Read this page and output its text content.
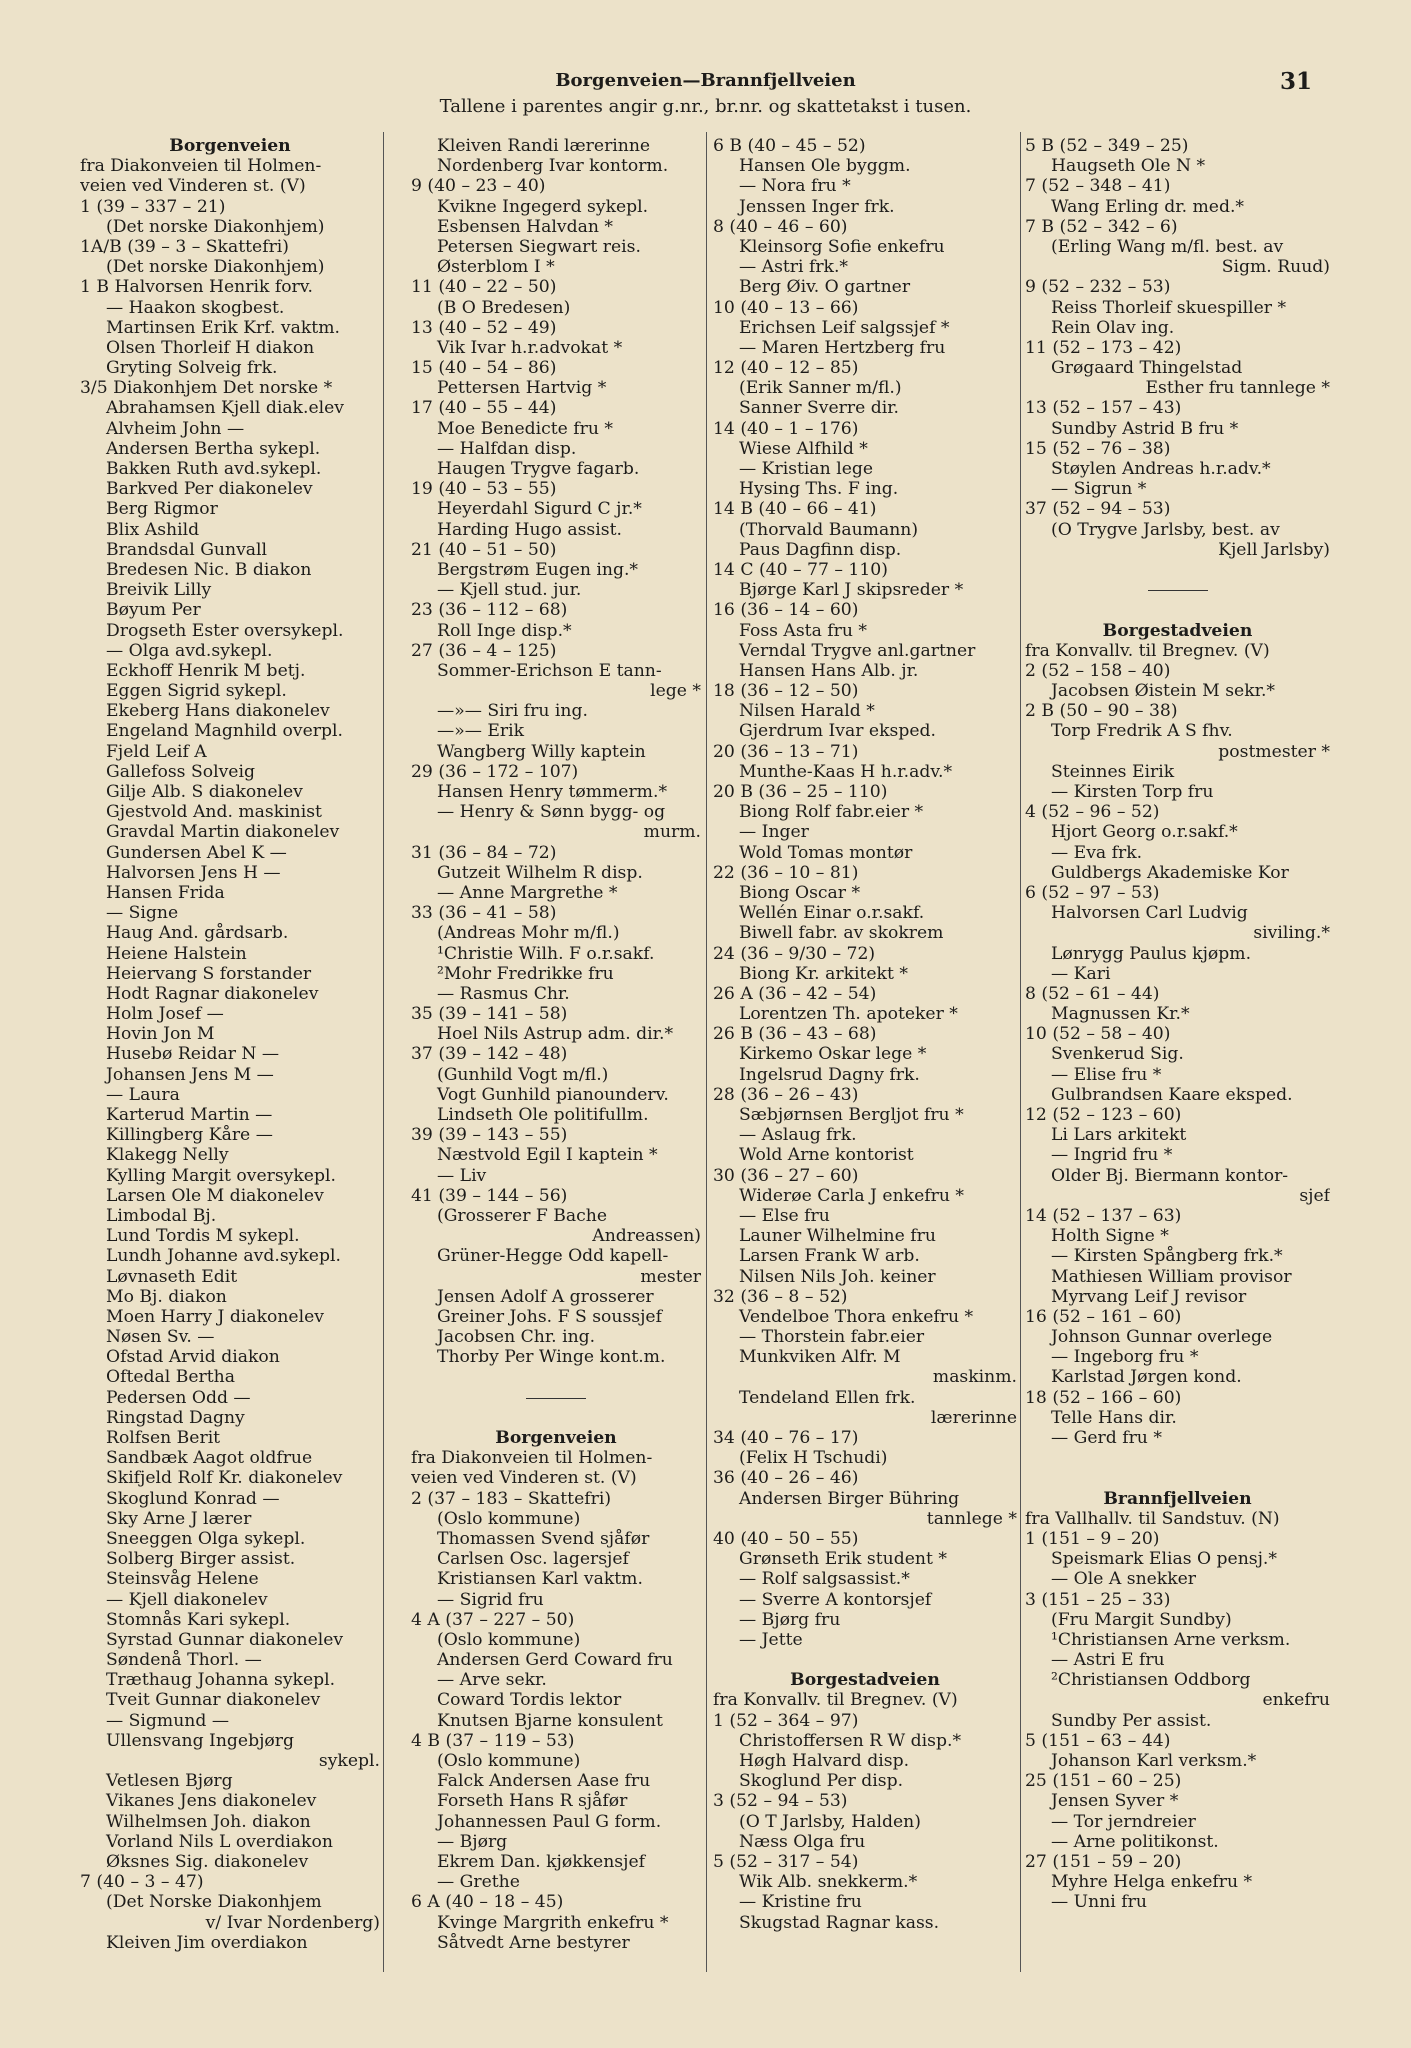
Borgenveien—Brannfjellveien
Tallene i parentes angir g.nr., br.nr. og skattetakst i tusen.
31
Borgenveien
fra Diakonveien til Holmen-
veien ved Vinderen st. (V)
1 (39 – 337 – 21)
(Det norske Diakonhjem)
1A/B (39 – 3 – Skattefri)
(Det norske Diakonhjem)
1 B Halvorsen Henrik forv.
— Haakon skogbest.
Martinsen Erik Krf. vaktm.
Olsen Thorleif H diakon
Gryting Solveig frk.
3/5 Diakonhjem Det norske *
Abrahamsen Kjell diak.elev
Alvheim John —
Andersen Bertha sykepl.
Bakken Ruth avd.sykepl.
Barkved Per diakonelev
Berg Rigmor
Blix Ashild
Brandsdal Gunvall
Bredesen Nic. B diakon
Breivik Lilly
Bøyum Per
Drogseth Ester oversykepl.
— Olga avd.sykepl.
Eckhoff Henrik M betj.
Eggen Sigrid sykepl.
Ekeberg Hans diakonelev
Engeland Magnhild overpl.
Fjeld Leif A
Gallefoss Solveig
Gilje Alb. S diakonelev
Gjestvold And. maskinist
Gravdal Martin diakonelev
Gundersen Abel K —
Halvorsen Jens H —
Hansen Frida
— Signe
Haug And. gårdsarb.
Heiene Halstein
Heiervang S forstander
Hodt Ragnar diakonelev
Holm Josef —
Hovin Jon M
Husebø Reidar N —
Johansen Jens M —
— Laura
Karterud Martin —
Killingberg Kåre —
Klakegg Nelly
Kylling Margit oversykepl.
Larsen Ole M diakonelev
Limbodal Bj.
Lund Tordis M sykepl.
Lundh Johanne avd.sykepl.
Løvnaseth Edit
Mo Bj. diakon
Moen Harry J diakonelev
Nøsen Sv. —
Ofstad Arvid diakon
Oftedal Bertha
Pedersen Odd —
Ringstad Dagny
Rolfsen Berit
Sandbæk Aagot oldfrue
Skifjeld Rolf Kr. diakonelev
Skoglund Konrad —
Sky Arne J lærer
Sneeggen Olga sykepl.
Solberg Birger assist.
Steinsvåg Helene
— Kjell diakonelev
Stomnås Kari sykepl.
Syrstad Gunnar diakonelev
Søndenå Thorl. —
Træthaug Johanna sykepl.
Tveit Gunnar diakonelev
— Sigmund —
Ullensvang Ingebjørg
sykepl.
Vetlesen Bjørg
Vikanes Jens diakonelev
Wilhelmsen Joh. diakon
Vorland Nils L overdiakon
Øksnes Sig. diakonelev
7 (40 – 3 – 47)
(Det Norske Diakonhjem
v/ Ivar Nordenberg)
Kleiven Jim overdiakon
Kleiven Randi lærerinne
Nordenberg Ivar kontorm.
9 (40 – 23 – 40)
Kvikne Ingegerd sykepl.
Esbensen Halvdan *
Petersen Siegwart reis.
Østerblom I *
11 (40 – 22 – 50)
(B O Bredesen)
13 (40 – 52 – 49)
Vik Ivar h.r.advokat *
15 (40 – 54 – 86)
Pettersen Hartvig *
17 (40 – 55 – 44)
Moe Benedicte fru *
— Halfdan disp.
Haugen Trygve fagarb.
19 (40 – 53 – 55)
Heyerdahl Sigurd C jr.*
Harding Hugo assist.
21 (40 – 51 – 50)
Bergstrøm Eugen ing.*
— Kjell stud. jur.
23 (36 – 112 – 68)
Roll Inge disp.*
27 (36 – 4 – 125)
Sommer-Erichson E tann-
lege *
—»— Siri fru ing.
—»— Erik
Wangberg Willy kaptein
29 (36 – 172 – 107)
Hansen Henry tømmerm.*
— Henry & Sønn bygg- og
murm.
31 (36 – 84 – 72)
Gutzeit Wilhelm R disp.
— Anne Margrethe *
33 (36 – 41 – 58)
(Andreas Mohr m/fl.)
¹Christie Wilh. F o.r.sakf.
²Mohr Fredrikke fru
— Rasmus Chr.
35 (39 – 141 – 58)
Hoel Nils Astrup adm. dir.*
37 (39 – 142 – 48)
(Gunhild Vogt m/fl.)
Vogt Gunhild pianounderv.
Lindseth Ole politifullm.
39 (39 – 143 – 55)
Næstvold Egil I kaptein *
— Liv
41 (39 – 144 – 56)
(Grosserer F Bache
Andreassen)
Grüner-Hegge Odd kapell-
mester
Jensen Adolf A grosserer
Greiner Johs. F S soussjef
Jacobsen Chr. ing.
Thorby Per Winge kont.m.
Borgenveien
fra Diakonveien til Holmen-
veien ved Vinderen st. (V)
2 (37 – 183 – Skattefri)
(Oslo kommune)
Thomassen Svend sjåfør
Carlsen Osc. lagersjef
Kristiansen Karl vaktm.
— Sigrid fru
4 A (37 – 227 – 50)
(Oslo kommune)
Andersen Gerd Coward fru
— Arve sekr.
Coward Tordis lektor
Knutsen Bjarne konsulent
4 B (37 – 119 – 53)
(Oslo kommune)
Falck Andersen Aase fru
Forseth Hans R sjåfør
Johannessen Paul G form.
— Bjørg
Ekrem Dan. kjøkkensjef
— Grethe
6 A (40 – 18 – 45)
Kvinge Margrith enkefru *
Såtvedt Arne bestyrer
6 B (40 – 45 – 52)
Hansen Ole byggm.
— Nora fru *
Jenssen Inger frk.
8 (40 – 46 – 60)
Kleinsorg Sofie enkefru
— Astri frk.*
Berg Øiv. O gartner
10 (40 – 13 – 66)
Erichsen Leif salgssjef *
— Maren Hertzberg fru
12 (40 – 12 – 85)
(Erik Sanner m/fl.)
Sanner Sverre dir.
14 (40 – 1 – 176)
Wiese Alfhild *
— Kristian lege
Hysing Ths. F ing.
14 B (40 – 66 – 41)
(Thorvald Baumann)
Paus Dagfinn disp.
14 C (40 – 77 – 110)
Bjørge Karl J skipsreder *
16 (36 – 14 – 60)
Foss Asta fru *
Verndal Trygve anl.gartner
Hansen Hans Alb. jr.
18 (36 – 12 – 50)
Nilsen Harald *
Gjerdrum Ivar eksped.
20 (36 – 13 – 71)
Munthe-Kaas H h.r.adv.*
20 B (36 – 25 – 110)
Biong Rolf fabr.eier *
— Inger
Wold Tomas montør
22 (36 – 10 – 81)
Biong Oscar *
Wellén Einar o.r.sakf.
Biwell fabr. av skokrem
24 (36 – 9/30 – 72)
Biong Kr. arkitekt *
26 A (36 – 42 – 54)
Lorentzen Th. apoteker *
26 B (36 – 43 – 68)
Kirkemo Oskar lege *
Ingelsrud Dagny frk.
28 (36 – 26 – 43)
Sæbjørnsen Bergljot fru *
— Aslaug frk.
Wold Arne kontorist
30 (36 – 27 – 60)
Widerøe Carla J enkefru *
— Else fru
Launer Wilhelmine fru
Larsen Frank W arb.
Nilsen Nils Joh. keiner
32 (36 – 8 – 52)
Vendelboe Thora enkefru *
— Thorstein fabr.eier
Munkviken Alfr. M
maskinm.
Tendeland Ellen frk.
lærerinne
34 (40 – 76 – 17)
(Felix H Tschudi)
36 (40 – 26 – 46)
Andersen Birger Bühring
tannlege *
40 (40 – 50 – 55)
Grønseth Erik student *
— Rolf salgsassist.*
— Sverre A kontorsjef
— Bjørg fru
— Jette
Borgestadveien
fra Konvallv. til Bregnev. (V)
1 (52 – 364 – 97)
Christoffersen R W disp.*
Høgh Halvard disp.
Skoglund Per disp.
3 (52 – 94 – 53)
(O T Jarlsby, Halden)
Næss Olga fru
5 (52 – 317 – 54)
Wik Alb. snekkerm.*
— Kristine fru
Skugstad Ragnar kass.
5 B (52 – 349 – 25)
Haugseth Ole N *
7 (52 – 348 – 41)
Wang Erling dr. med.*
7 B (52 – 342 – 6)
(Erling Wang m/fl. best. av
Sigm. Ruud)
9 (52 – 232 – 53)
Reiss Thorleif skuespiller *
Rein Olav ing.
11 (52 – 173 – 42)
Grøgaard Thingelstad
Esther fru tannlege *
13 (52 – 157 – 43)
Sundby Astrid B fru *
15 (52 – 76 – 38)
Støylen Andreas h.r.adv.*
— Sigrun *
37 (52 – 94 – 53)
(O Trygve Jarlsby, best. av
Kjell Jarlsby)
Borgestadveien
fra Konvallv. til Bregnev. (V)
2 (52 – 158 – 40)
Jacobsen Øistein M sekr.*
2 B (50 – 90 – 38)
Torp Fredrik A S fhv.
postmester *
Steinnes Eirik
— Kirsten Torp fru
4 (52 – 96 – 52)
Hjort Georg o.r.sakf.*
— Eva frk.
Guldbergs Akademiske Kor
6 (52 – 97 – 53)
Halvorsen Carl Ludvig
siviling.*
Lønrygg Paulus kjøpm.
— Kari
8 (52 – 61 – 44)
Magnussen Kr.*
10 (52 – 58 – 40)
Svenkerud Sig.
— Elise fru *
Gulbrandsen Kaare eksped.
12 (52 – 123 – 60)
Li Lars arkitekt
— Ingrid fru *
Older Bj. Biermann kontor-
sjef
14 (52 – 137 – 63)
Holth Signe *
— Kirsten Spångberg frk.*
Mathiesen William provisor
Myrvang Leif J revisor
16 (52 – 161 – 60)
Johnson Gunnar overlege
— Ingeborg fru *
Karlstad Jørgen kond.
18 (52 – 166 – 60)
Telle Hans dir.
— Gerd fru *
Brannfjellveien
fra Vallhallv. til Sandstuv. (N)
1 (151 – 9 – 20)
Speismark Elias O pensj.*
— Ole A snekker
3 (151 – 25 – 33)
(Fru Margit Sundby)
¹Christiansen Arne verksm.
— Astri E fru
²Christiansen Oddborg
enkefru
Sundby Per assist.
5 (151 – 63 – 44)
Johanson Karl verksm.*
25 (151 – 60 – 25)
Jensen Syver *
— Tor jerndreier
— Arne politikonst.
27 (151 – 59 – 20)
Myhre Helga enkefru *
— Unni fru
